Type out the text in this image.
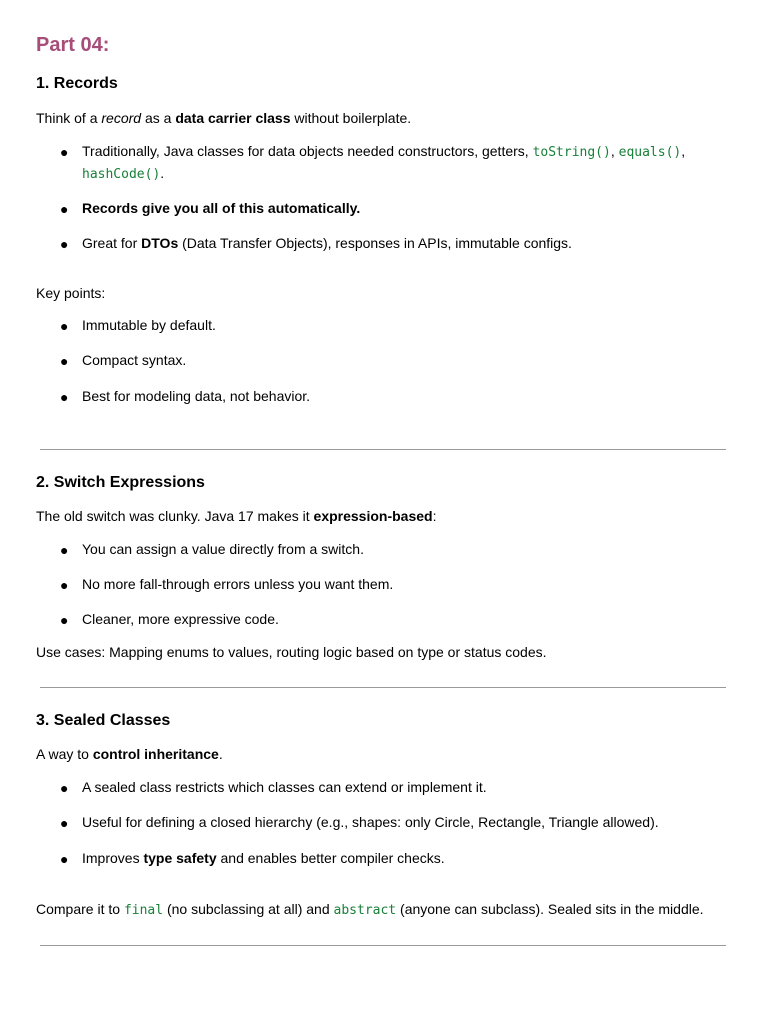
Part 04:
1. Records

Think of a record as a data carrier class without boilerplate.

● Traditionally, Java classes for data objects needed constructors, getters, toString(), equals(),
hashCode().

● Records give you all of this automatically.

● Great for DTOs (Data Transfer Objects), responses in APIs, immutable configs.

Key points:

● Immutable by default.

● Compact syntax.

● Best for modeling data, not behavior.

2. Switch Expressions

The old switch was clunky. Java 17 makes it expression-based:

● You can assign a value directly from a switch.

● No more fall-through errors unless you want them.

● Cleaner, more expressive code.

Use cases: Mapping enums to values, routing logic based on type or status codes.

3. Sealed Classes

A way to control inheritance.

● A sealed class restricts which classes can extend or implement it.

● Useful for defining a closed hierarchy (e.g., shapes: only Circle, Rectangle, Triangle allowed).

● Improves type safety and enables better compiler checks.

Compare it to final (no subclassing at all) and abstract (anyone can subclass). Sealed sits in the middle.
